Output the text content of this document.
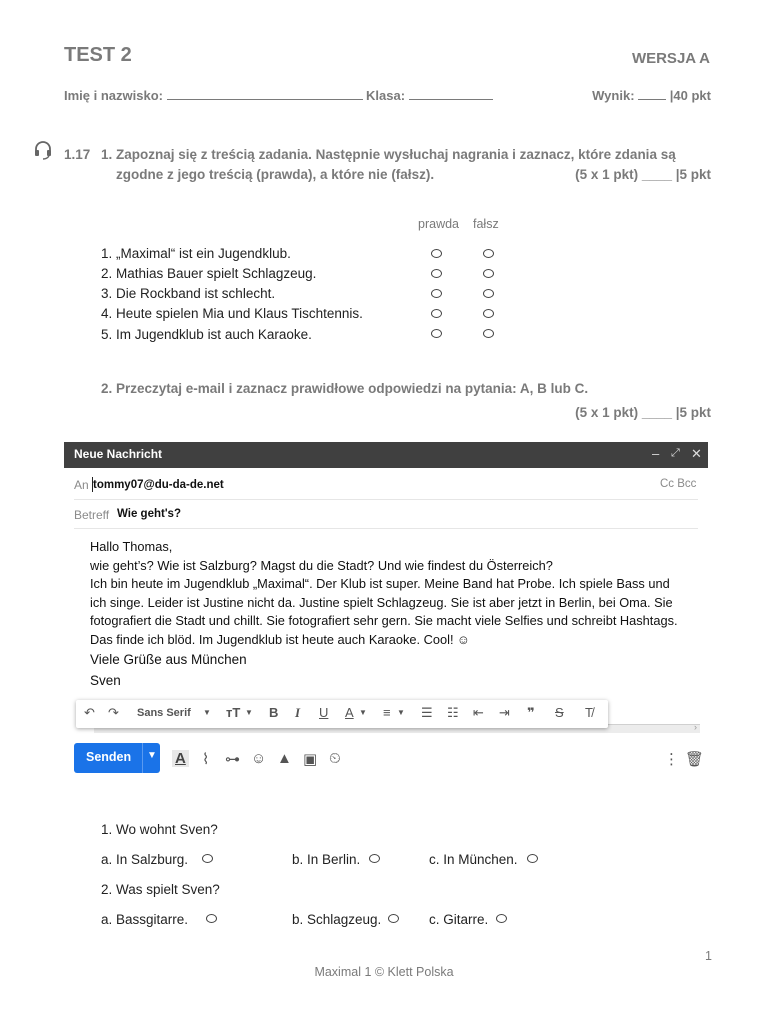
TEST 2	WERSJA A
Imię i nazwisko:	Klasa:	Wynik:	|40 pkt
1.17 1. Zapoznaj się z treścią zadania. Następnie wysłuchaj nagrania i zaznacz, które zdania są
zgodne z jego treścią (prawda), a które nie (fałsz).	(5 x 1 pkt) ____ |5 pkt
prawda fałsz
1. „Maximal“ ist ein Jugendklub.
2. Mathias Bauer spielt Schlagzeug.
3. Die Rockband ist schlecht.
4. Heute spielen Mia und Klaus Tischtennis.
5. Im Jugendklub ist auch Karaoke.
2. Przeczytaj e-mail i zaznacz prawidłowe odpowiedzi na pytania: A, B lub C.
(5 x 1 pkt) ____ |5 pkt
Neue Nachricht	– ⤢ ✕
An tommy07@du-da-de.net	Cc Bcc
Betreff Wie geht's?
Hallo Thomas,
wie geht’s? Wie ist Salzburg? Magst du die Stadt? Und wie findest du Österreich?
Ich bin heute im Jugendklub „Maximal“. Der Klub ist super. Meine Band hat Probe. Ich spiele Bass und
ich singe. Leider ist Justine nicht da. Justine spielt Schlagzeug. Sie ist aber jetzt in Berlin, bei Oma. Sie
fotografiert die Stadt und chillt. Sie fotografiert sehr gern. Sie macht viele Selfies und schreibt Hashtags.
Das finde ich blöd. Im Jugendklub ist heute auch Karaoke. Cool! ☺
Viele Grüße aus München
Sven
›
↶ ↷ Sans Serif ▼ тT ▼ B I U A ▼ ≡ ▼ ☰ ☷ ⇤ ⇥ ❞ S T̸
Senden ▼ A ⌇ ⊶ ☺ ▲ ▣ ⏲	⋮ 🗑
1. Wo wohnt Sven?
a. In Salzburg.	b. In Berlin.	c. In München.
2. Was spielt Sven?
a. Bassgitarre.	b. Schlagzeug.	c. Gitarre.
1
Maximal 1 © Klett Polska
